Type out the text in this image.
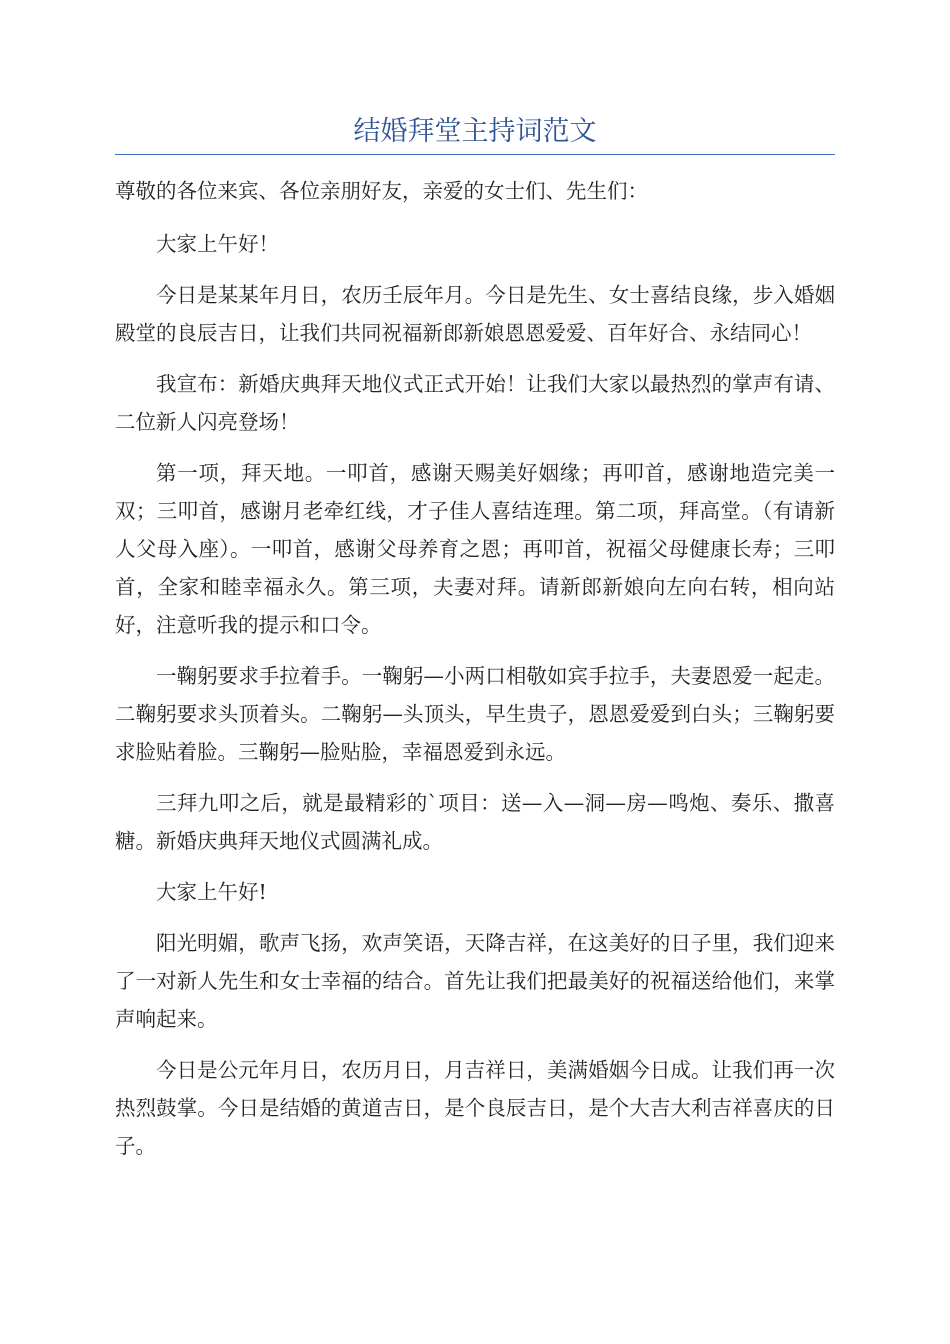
结婚拜堂主持词范文

尊敬的各位来宾、各位亲朋好友，亲爱的女士们、先生们：

大家上午好！

今日是某某年月日，农历壬辰年月。今日是先生、女士喜结良缘，步入婚姻殿堂的良辰吉日，让我们共同祝福新郎新娘恩恩爱爱、百年好合、永结同心！

我宣布：新婚庆典拜天地仪式正式开始！让我们大家以最热烈的掌声有请、二位新人闪亮登场！

第一项，拜天地。一叩首，感谢天赐美好姻缘；再叩首，感谢地造完美一双；三叩首，感谢月老牵红线，才子佳人喜结连理。第二项，拜高堂。（有请新人父母入座）。一叩首，感谢父母养育之恩；再叩首，祝福父母健康长寿；三叩首，全家和睦幸福永久。第三项，夫妻对拜。请新郎新娘向左向右转，相向站好，注意听我的提示和口令。

一鞠躬要求手拉着手。一鞠躬—小两口相敬如宾手拉手，夫妻恩爱一起走。二鞠躬要求头顶着头。二鞠躬—头顶头，早生贵子，恩恩爱爱到白头；三鞠躬要求脸贴着脸。三鞠躬—脸贴脸，幸福恩爱到永远。

三拜九叩之后，就是最精彩的`项目：送—入—洞—房—鸣炮、奏乐、撒喜糖。新婚庆典拜天地仪式圆满礼成。

大家上午好!

阳光明媚，歌声飞扬，欢声笑语，天降吉祥，在这美好的日子里，我们迎来了一对新人先生和女士幸福的结合。首先让我们把最美好的祝福送给他们，来掌声响起来。

今日是公元年月日，农历月日，月吉祥日，美满婚姻今日成。让我们再一次热烈鼓掌。今日是结婚的黄道吉日，是个良辰吉日，是个大吉大利吉祥喜庆的日子。
